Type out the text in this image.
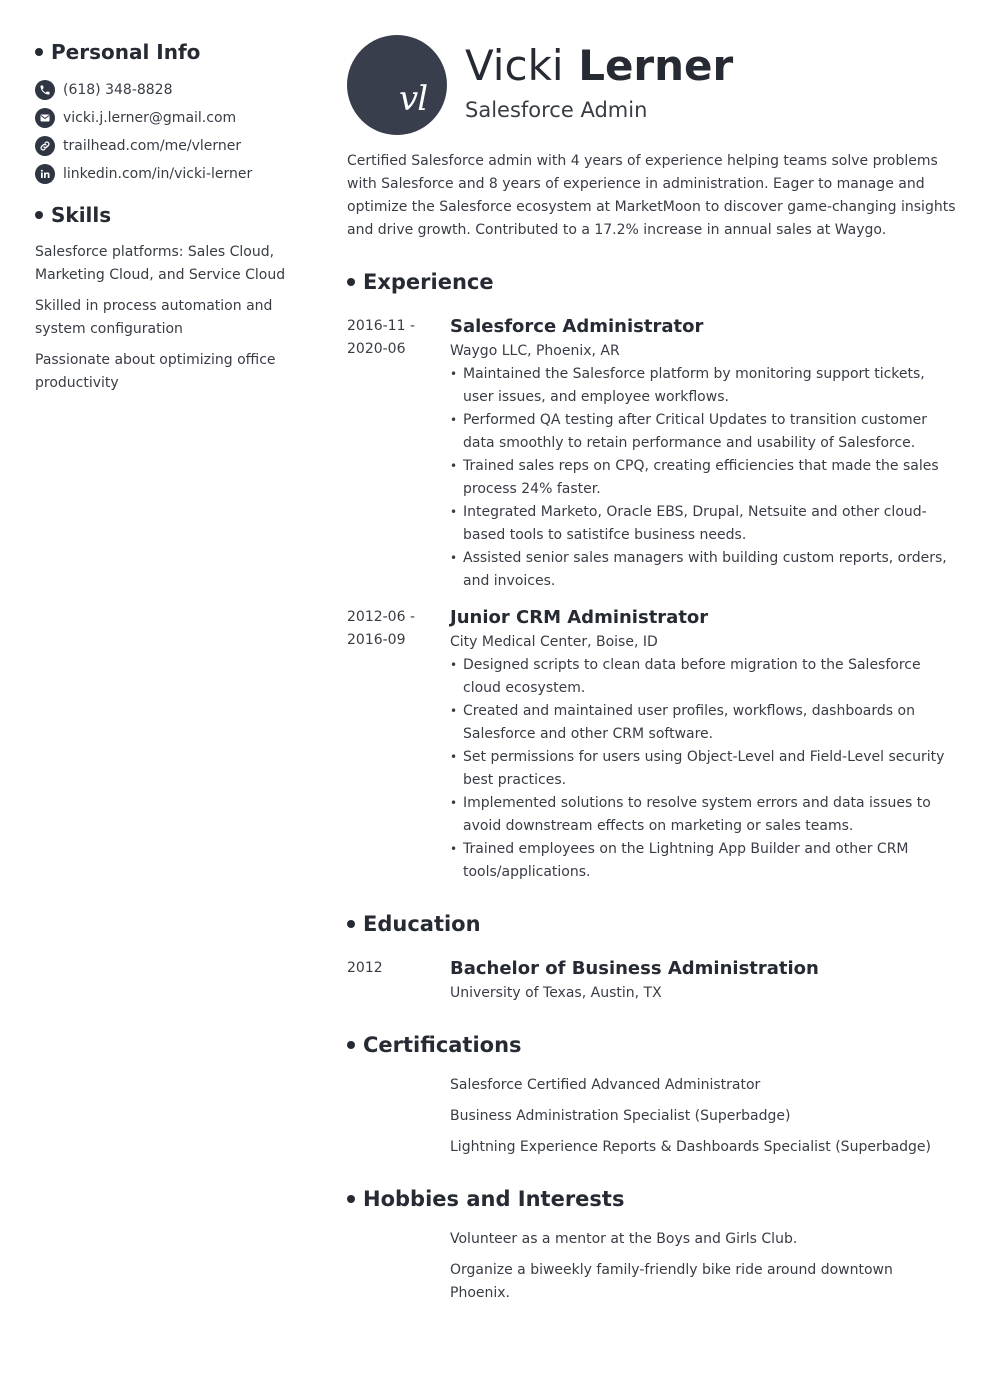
Personal Info
(618) 348-8828
vicki.j.lerner@gmail.com
trailhead.com/me/vlerner
linkedin.com/in/vicki-lerner
Skills

Salesforce platforms: Sales Cloud, Marketing Cloud, and Service Cloud

Skilled in process automation and system configuration

Passionate about optimizing office productivity

vl
Vicki Lerner
Salesforce Admin

Certified Salesforce admin with 4 years of experience helping teams solve problems with Salesforce and 8 years of experience in administration. Eager to manage and optimize the Salesforce ecosystem at MarketMoon to discover game-changing insights and drive growth. Contributed to a 17.2% increase in annual sales at Waygo.

Experience
2016-11 -
2020-06
Salesforce Administrator
Waygo LLC, Phoenix, AR
• Maintained the Salesforce platform by monitoring support tickets, user issues, and employee workflows.
• Performed QA testing after Critical Updates to transition customer data smoothly to retain performance and usability of Salesforce.
• Trained sales reps on CPQ, creating efficiencies that made the sales process 24% faster.
• Integrated Marketo, Oracle EBS, Drupal, Netsuite and other cloud-based tools to satistifce business needs.
• Assisted senior sales managers with building custom reports, orders, and invoices.
2012-06 -
2016-09
Junior CRM Administrator
City Medical Center, Boise, ID
• Designed scripts to clean data before migration to the Salesforce cloud ecosystem.
• Created and maintained user profiles, workflows, dashboards on Salesforce and other CRM software.
• Set permissions for users using Object-Level and Field-Level security best practices.
• Implemented solutions to resolve system errors and data issues to avoid downstream effects on marketing or sales teams.
• Trained employees on the Lightning App Builder and other CRM tools/applications.
Education
2012	Bachelor of Business Administration
University of Texas, Austin, TX
Certifications
Salesforce Certified Advanced Administrator
Business Administration Specialist (Superbadge)
Lightning Experience Reports & Dashboards Specialist (Superbadge)
Hobbies and Interests
Volunteer as a mentor at the Boys and Girls Club.
Organize a biweekly family-friendly bike ride around downtown Phoenix.
